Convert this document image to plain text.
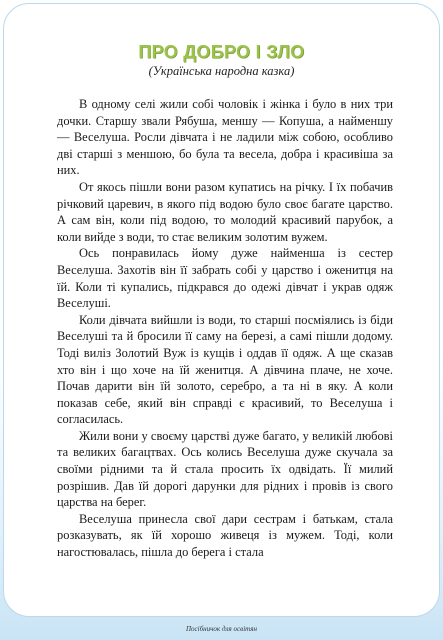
ПРО ДОБРО І ЗЛО
(Українська народна казка)

В одному селі жили собі чоловік і жінка і було в них три дочки. Старшу звали Рябуша, меншу — Копуша, а найменшу — Веселуша. Росли дівчата і не ладили між собою, особливо дві старші з меншою, бо була та весела, добра і красивіша за них.

От якось пішли вони разом купатись на річку. І їх побачив річковий царевич, в якого під водою було своє багате царство. А сам він, коли під водою, то молодий красивий парубок, а коли вийде з води, то стає великим золотим вужем.

Ось понравилась йому дуже найменша із сестер Веселуша. Захотів він її забрать собі у царство і оженитця на їй. Коли ті купались, підкрався до одежі дівчат і украв одяж Веселуші.

Коли дівчата вийшли із води, то старші посміялись із біди Веселуші та й бросили її саму на березі, а самі пішли додому. Тоді виліз Золотий Вуж із кущів і оддав її одяж. А ще сказав хто він і що хоче на їй женитця. А дівчина плаче, не хоче. Почав дарити він їй золото, серебро, а та ні в яку. А коли показав себе, який він справді є красивий, то Веселуша і согласилась.

Жили вони у своєму царстві дуже багато, у великій любові та великих багацтвах. Ось колись Веселуша дуже скучала за своїми рідними та й стала просить їх одвідать. Її милий розрішив. Дав їй дорогі дарунки для рідних і провів із свого царства на берег.

Веселуша принесла свої дари сестрам і батькам, стала розказувать, як їй хорошо живеця із мужем. Тоді, коли нагостювалась, пішла до берега і стала

Посібничок для освітян
